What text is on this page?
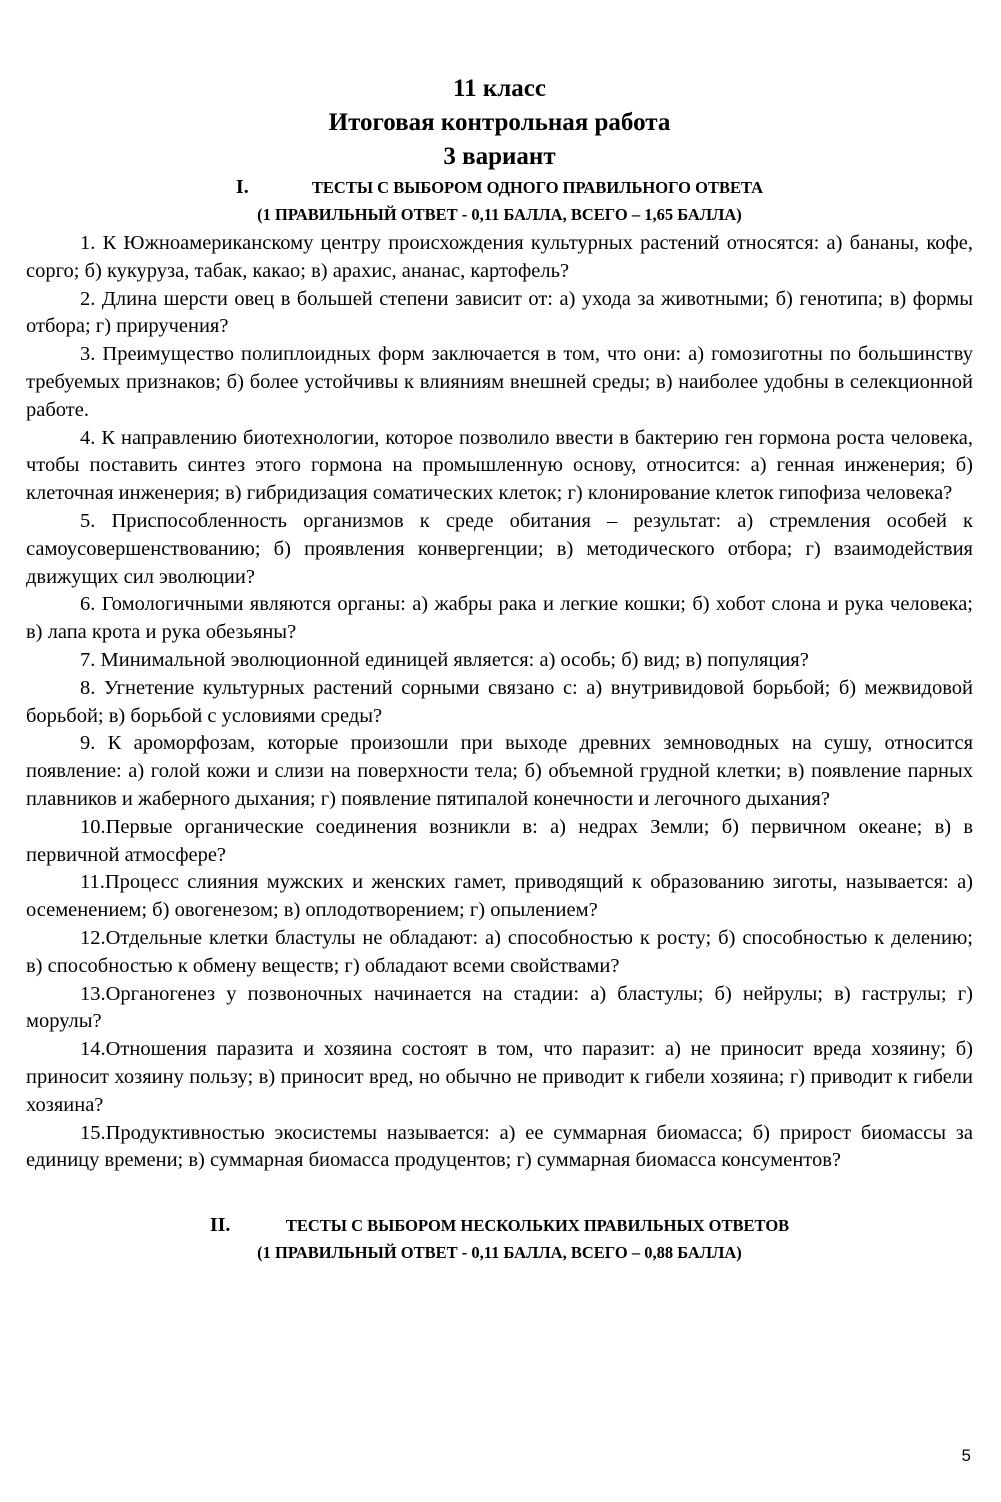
11 класс
Итоговая контрольная работа
3 вариант
I.	ТЕСТЫ С ВЫБОРОМ ОДНОГО ПРАВИЛЬНОГО ОТВЕТА
(1 ПРАВИЛЬНЫЙ ОТВЕТ - 0,11 БАЛЛА, ВСЕГО – 1,65 БАЛЛА)

1. К Южноамериканскому центру происхождения культурных растений относятся: а) бананы, кофе, сорго; б) кукуруза, табак, какао; в) арахис, ананас, картофель?

2. Длина шерсти овец в большей степени зависит от: а) ухода за животными; б) генотипа; в) формы отбора; г) приручения?

3. Преимущество полиплоидных форм заключается в том, что они: а) гомозиготны по большинству требуемых признаков; б) более устойчивы к влияниям внешней среды; в) наиболее удобны в селекционной работе.

4. К направлению биотехнологии, которое позволило ввести в бактерию ген гормона роста человека, чтобы поставить синтез этого гормона на промышленную основу, относится: а) генная инженерия; б) клеточная инженерия; в) гибридизация соматических клеток; г) клонирование клеток гипофиза человека?

5. Приспособленность организмов к среде обитания – результат: а) стремления особей к самоусовершенствованию; б) проявления конвергенции; в) методического отбора; г) взаимодействия движущих сил эволюции?

6. Гомологичными являются органы: а) жабры рака и легкие кошки; б) хобот слона и рука человека; в) лапа крота и рука обезьяны?

7. Минимальной эволюционной единицей является: а) особь; б) вид; в) популяция?

8. Угнетение культурных растений сорными связано с: а) внутривидовой борьбой; б) межвидовой борьбой; в) борьбой с условиями среды?

9. К ароморфозам, которые произошли при выходе древних земноводных на сушу, относится появление: а) голой кожи и слизи на поверхности тела; б) объемной грудной клетки; в) появление парных плавников и жаберного дыхания; г) появление пятипалой конечности и легочного дыхания?

10.Первые органические соединения возникли в: а) недрах Земли; б) первичном океане; в) в первичной атмосфере?

11.Процесс слияния мужских и женских гамет, приводящий к образованию зиготы, называется: а) осеменением; б) овогенезом; в) оплодотворением; г) опылением?

12.Отдельные клетки бластулы не обладают: а) способностью к росту; б) способностью к делению; в) способностью к обмену веществ; г) обладают всеми свойствами?

13.Органогенез у позвоночных начинается на стадии: а) бластулы; б) нейрулы; в) гаструлы; г) морулы?

14.Отношения паразита и хозяина состоят в том, что паразит: а) не приносит вреда хозяину; б) приносит хозяину пользу; в) приносит вред, но обычно не приводит к гибели хозяина; г) приводит к гибели хозяина?

15.Продуктивностью экосистемы называется: а) ее суммарная биомасса; б) прирост биомассы за единицу времени; в) суммарная биомасса продуцентов; г) суммарная биомасса консументов?

II.	ТЕСТЫ С ВЫБОРОМ НЕСКОЛЬКИХ ПРАВИЛЬНЫХ ОТВЕТОВ
(1 ПРАВИЛЬНЫЙ ОТВЕТ - 0,11 БАЛЛА, ВСЕГО – 0,88 БАЛЛА)
5
